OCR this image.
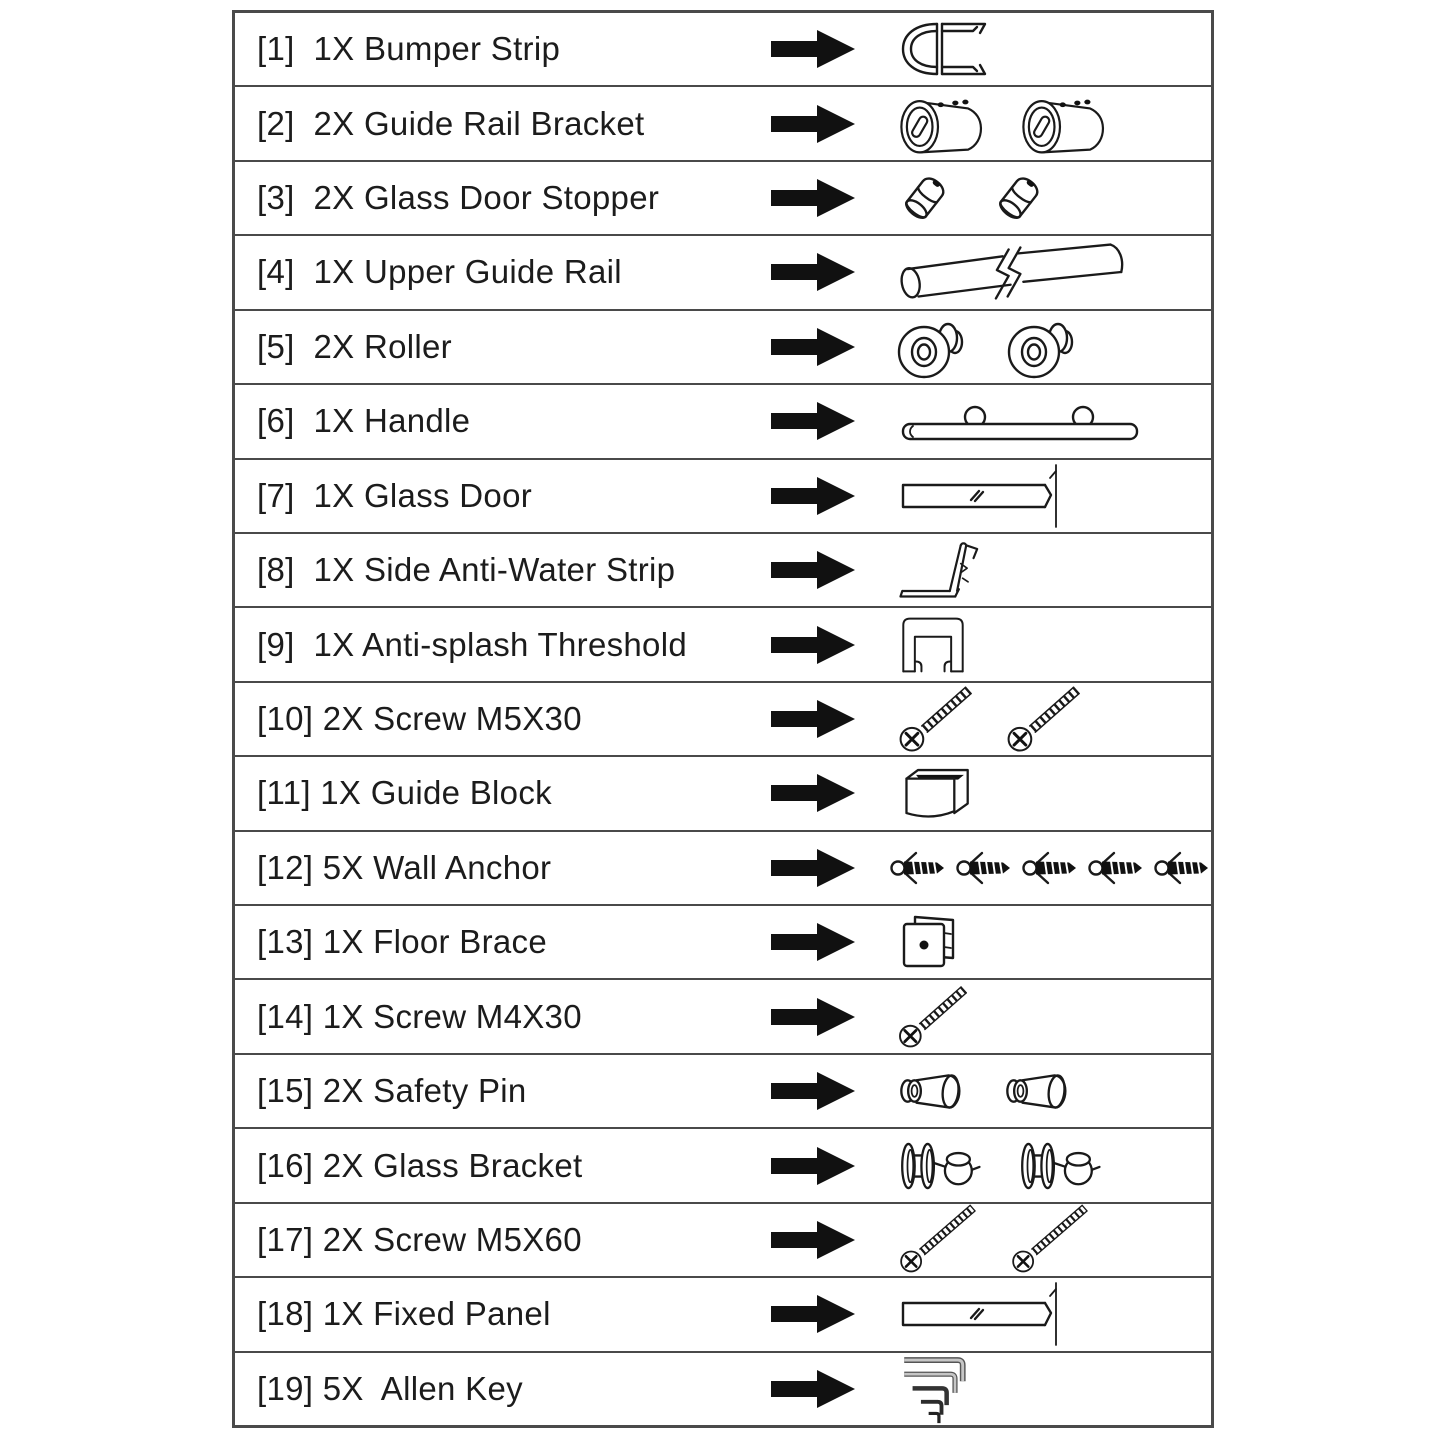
[1]  1X Bumper Strip
[2]  2X Guide Rail Bracket
[3]  2X Glass Door Stopper
[4]  1X Upper Guide Rail
[5]  2X Roller
[6]  1X Handle
[7]  1X Glass Door
[8]  1X Side Anti-Water Strip
[9]  1X Anti-splash Threshold
[10] 2X Screw M5X30
[11] 1X Guide Block
[12] 5X Wall Anchor
[13] 1X Floor Brace
[14] 1X Screw M4X30
[15] 2X Safety Pin
[16] 2X Glass Bracket
[17] 2X Screw M5X60
[18] 1X Fixed Panel
[19] 5X  Allen Key
